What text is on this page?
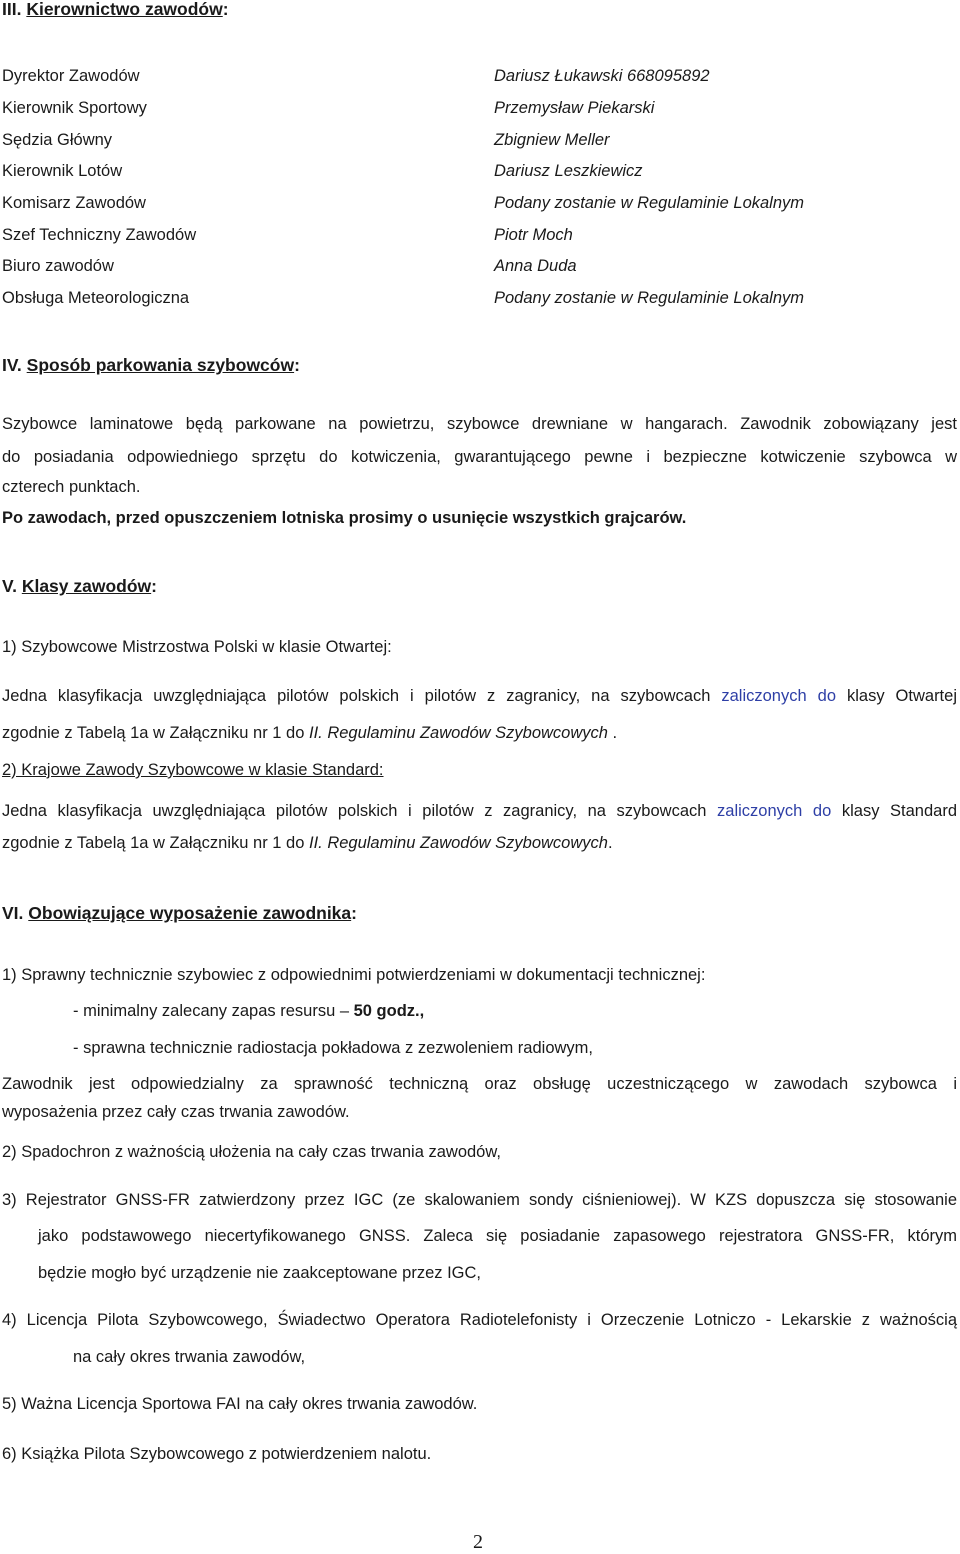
III. Kierownictwo zawodów:
Dyrektor Zawodów	Dariusz Łukawski 668095892
Kierownik Sportowy	Przemysław Piekarski
Sędzia Główny	Zbigniew Meller
Kierownik Lotów	Dariusz Leszkiewicz
Komisarz Zawodów	Podany zostanie w Regulaminie Lokalnym
Szef Techniczny Zawodów	Piotr Moch
Biuro zawodów	Anna Duda
Obsługa Meteorologiczna	Podany zostanie w Regulaminie Lokalnym
IV. Sposób parkowania szybowców:
Szybowce laminatowe będą parkowane na powietrzu, szybowce drewniane w hangarach. Zawodnik zobowiązany jest
do posiadania odpowiedniego sprzętu do kotwiczenia, gwarantującego pewne i bezpieczne kotwiczenie szybowca w
czterech punktach.
Po zawodach, przed opuszczeniem lotniska prosimy o usunięcie wszystkich grajcarów.
V. Klasy zawodów:
1) Szybowcowe Mistrzostwa Polski w klasie Otwartej:
Jedna klasyfikacja uwzględniająca pilotów polskich i pilotów z zagranicy, na szybowcach zaliczonych do klasy Otwartej
zgodnie z Tabelą 1a w Załączniku nr 1 do II. Regulaminu Zawodów Szybowcowych .
2) Krajowe Zawody Szybowcowe w klasie Standard:
Jedna klasyfikacja uwzględniająca pilotów polskich i pilotów z zagranicy, na szybowcach zaliczonych do klasy Standard
zgodnie z Tabelą 1a w Załączniku nr 1 do II. Regulaminu Zawodów Szybowcowych.
VI. Obowiązujące wyposażenie zawodnika:
1) Sprawny technicznie szybowiec z odpowiednimi potwierdzeniami w dokumentacji technicznej:
- minimalny zalecany zapas resursu – 50 godz.,
- sprawna technicznie radiostacja pokładowa z zezwoleniem radiowym,
Zawodnik jest odpowiedzialny za sprawność techniczną oraz obsługę uczestniczącego w zawodach szybowca i
wyposażenia przez cały czas trwania zawodów.
2) Spadochron z ważnością ułożenia na cały czas trwania zawodów,
3) Rejestrator GNSS-FR zatwierdzony przez IGC (ze skalowaniem sondy ciśnieniowej). W KZS dopuszcza się stosowanie
jako podstawowego niecertyfikowanego GNSS. Zaleca się posiadanie zapasowego rejestratora GNSS-FR, którym
będzie mogło być urządzenie nie zaakceptowane przez IGC,
4) Licencja Pilota Szybowcowego, Świadectwo Operatora Radiotelefonisty i Orzeczenie Lotniczo - Lekarskie z ważnością
na cały okres trwania zawodów,
5) Ważna Licencja Sportowa FAI na cały okres trwania zawodów.
6) Książka Pilota Szybowcowego z potwierdzeniem nalotu.
2
